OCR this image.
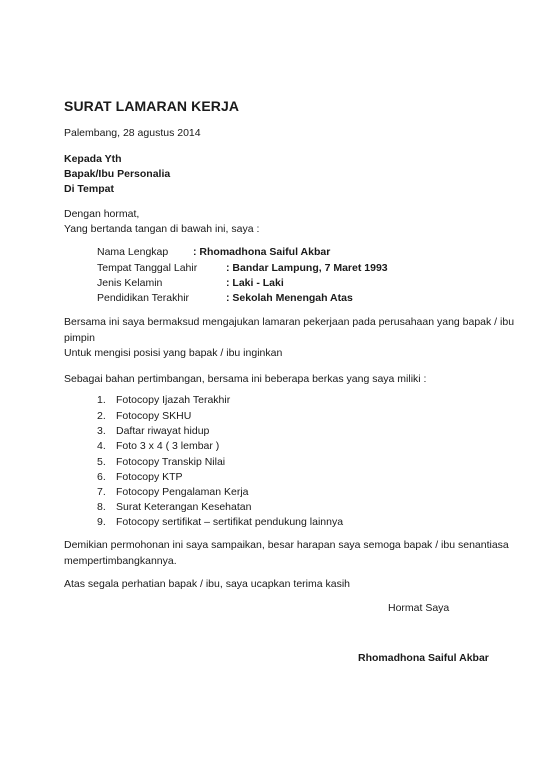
SURAT LAMARAN KERJA
Palembang, 28 agustus 2014
Kepada Yth
Bapak/Ibu Personalia
Di Tempat
Dengan hormat,
Yang bertanda tangan di bawah ini, saya :
Nama Lengkap : Rhomadhona Saiful Akbar
Tempat Tanggal Lahir	: Bandar Lampung, 7 Maret 1993
Jenis Kelamin	: Laki - Laki
Pendidikan Terakhir	: Sekolah Menengah Atas
Bersama ini saya bermaksud mengajukan lamaran pekerjaan pada perusahaan yang bapak / ibu
pimpin
Untuk mengisi posisi yang bapak / ibu inginkan
Sebagai bahan pertimbangan, bersama ini beberapa berkas yang saya miliki :
1. Fotocopy Ijazah Terakhir
2. Fotocopy SKHU
3. Daftar riwayat hidup
4. Foto 3 x 4 ( 3 lembar )
5. Fotocopy Transkip Nilai
6. Fotocopy KTP
7. Fotocopy Pengalaman Kerja
8. Surat Keterangan Kesehatan
9. Fotocopy sertifikat – sertifikat pendukung lainnya
Demikian permohonan ini saya sampaikan, besar harapan saya semoga bapak / ibu senantiasa
mempertimbangkannya.
Atas segala perhatian bapak / ibu, saya ucapkan terima kasih
Hormat Saya
Rhomadhona Saiful Akbar
